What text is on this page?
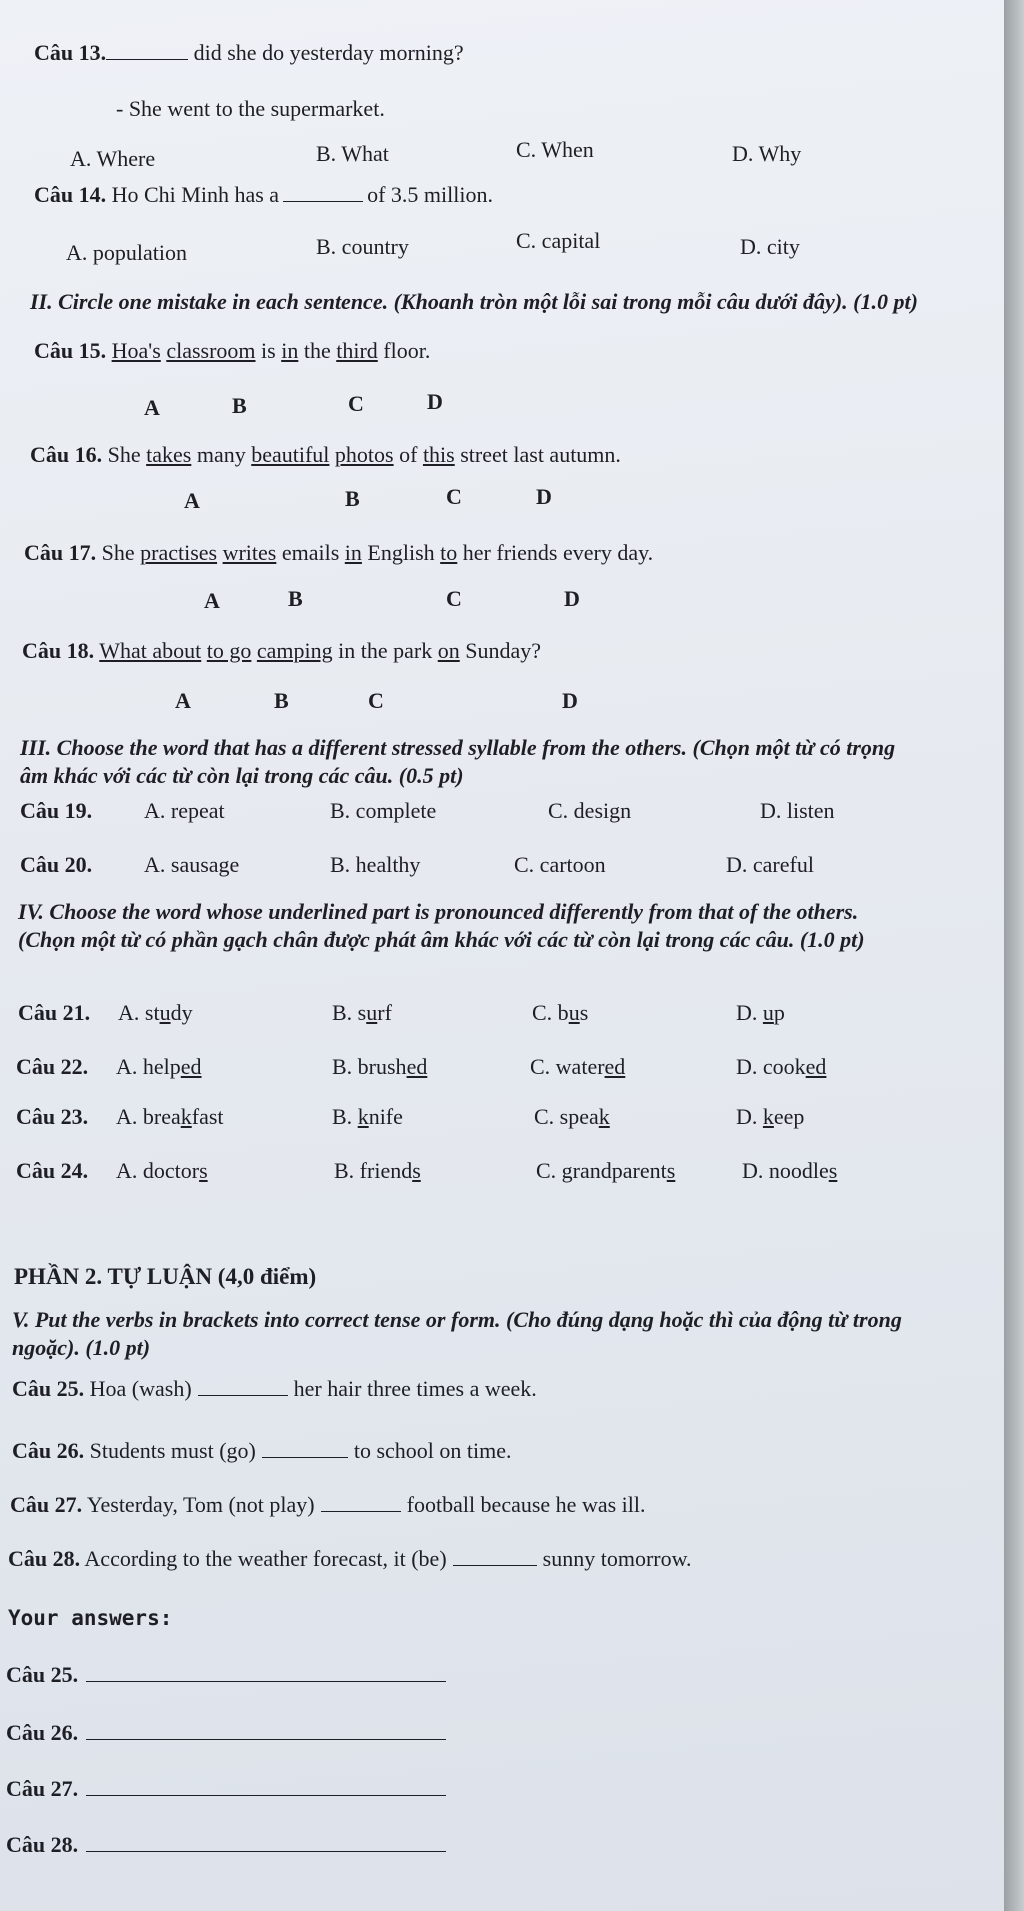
Câu 13.	did she do yesterday morning?
- She went to the supermarket.
A. Where	B. What	C. When	D. Why
Câu 14. Ho Chi Minh has a	of 3.5 million.
A. population	B. country	C. capital	D. city
II. Circle one mistake in each sentence. (Khoanh tròn một lỗi sai trong mỗi câu dưới đây). (1.0 pt)
Câu 15. Hoa's classroom is in the third floor.
A	B	C	D
Câu 16. She takes many beautiful photos of this street last autumn.
A	B	C	D
Câu 17. She practises writes emails in English to her friends every day.
A	B	C	D
Câu 18. What about to go camping in the park on Sunday?
A	B	C	D
III. Choose the word that has a different stressed syllable from the others. (Chọn một từ có trọng âm khác với các từ còn lại trong các câu. (0.5 pt)
Câu 19. A. repeat	B. complete	C. design	D. listen
Câu 20. A. sausage	B. healthy	C. cartoon	D. careful
IV. Choose the word whose underlined part is pronounced differently from that of the others. (Chọn một từ có phần gạch chân được phát âm khác với các từ còn lại trong các câu. (1.0 pt)
Câu 21. A. study	B. surf	C. bus	D. up
Câu 22. A. helped	B. brushed	C. watered	D. cooked
Câu 23. A. breakfast	B. knife	C. speak	D. keep
Câu 24. A. doctors	B. friends	C. grandparents	D. noodles
PHẦN 2. TỰ LUẬN (4,0 điểm)
V. Put the verbs in brackets into correct tense or form. (Cho đúng dạng hoặc thì của động từ trong ngoặc). (1.0 pt)
Câu 25. Hoa (wash)	her hair three times a week.
Câu 26. Students must (go)	to school on time.
Câu 27. Yesterday, Tom (not play)	football because he was ill.
Câu 28. According to the weather forecast, it (be)	sunny tomorrow.
Your answers:
Câu 25.
Câu 26.
Câu 27.
Câu 28.
